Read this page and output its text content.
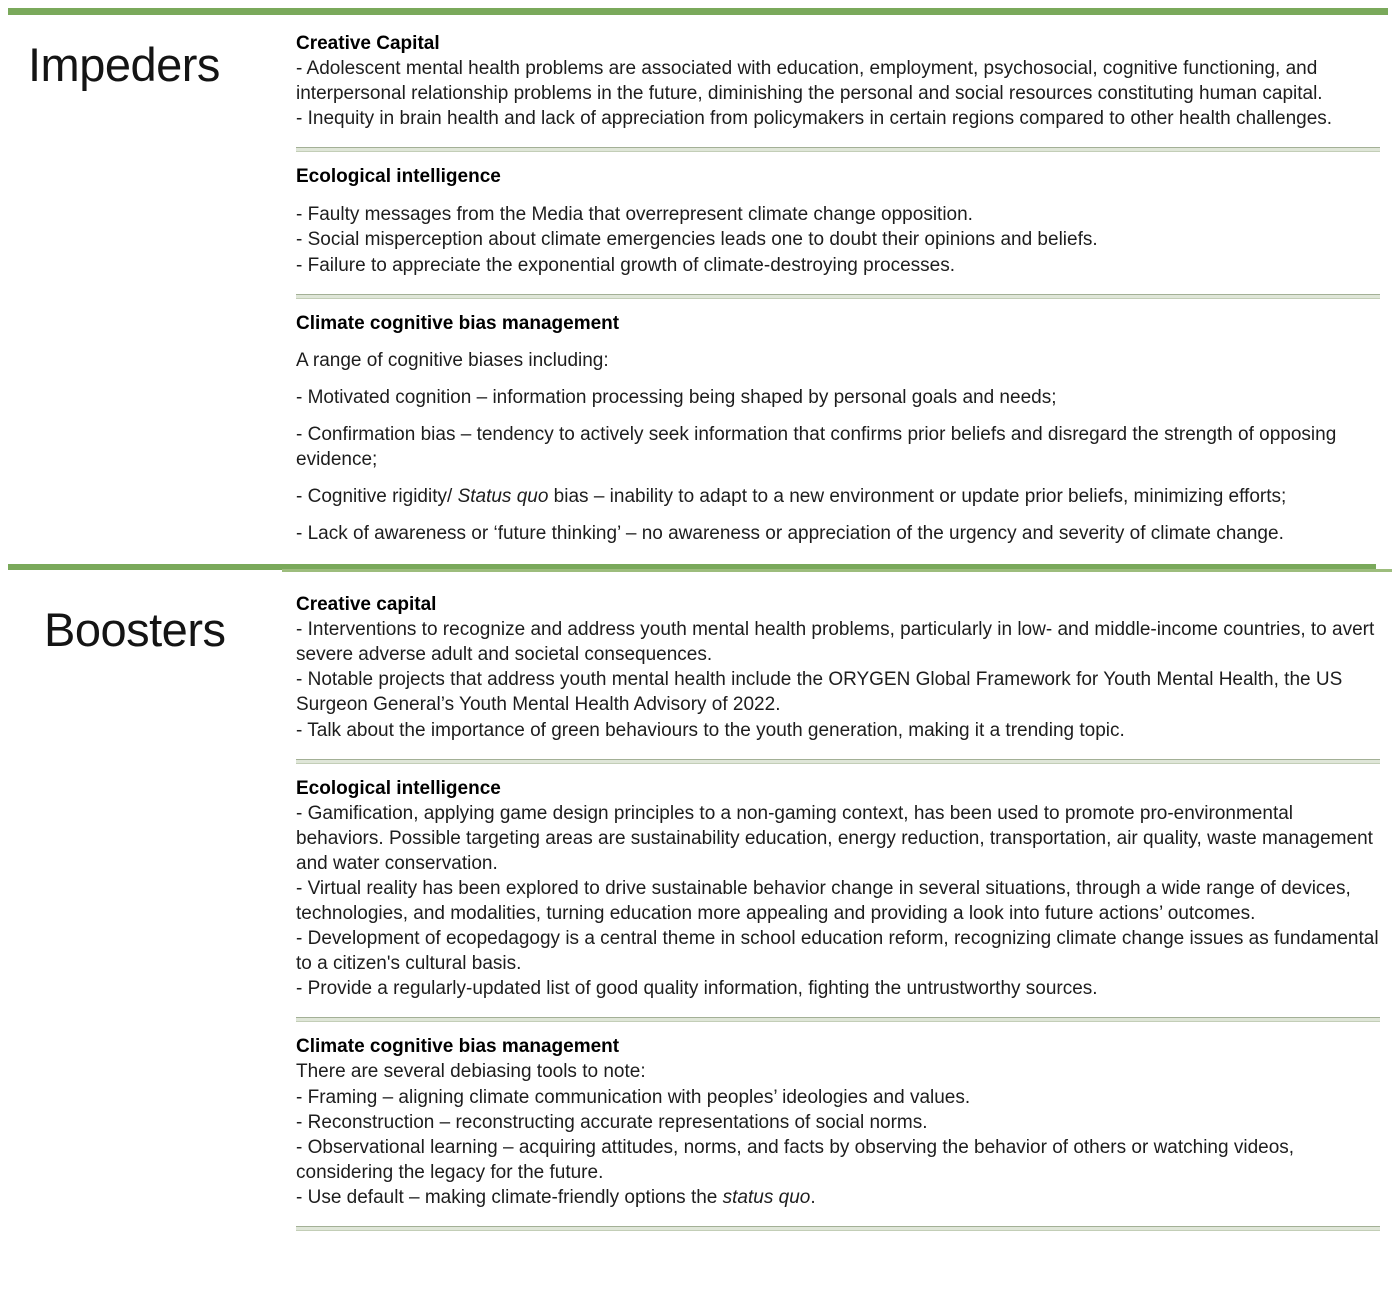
Impeders	Creative Capital

- Adolescent mental health problems are associated with education, employment, psychosocial, cognitive functioning, and interpersonal relationship problems in the future, diminishing the personal and social resources constituting human capital.

- Inequity in brain health and lack of appreciation from policymakers in certain regions compared to other health challenges.

Ecological intelligence

- Faulty messages from the Media that overrepresent climate change opposition.

- Social misperception about climate emergencies leads one to doubt their opinions and beliefs.

- Failure to appreciate the exponential growth of climate-destroying processes.

Climate cognitive bias management

A range of cognitive biases including:

- Motivated cognition – information processing being shaped by personal goals and needs;

- Confirmation bias – tendency to actively seek information that confirms prior beliefs and disregard the strength of opposing evidence;

- Cognitive rigidity/ Status quo bias – inability to adapt to a new environment or update prior beliefs, minimizing efforts;

- Lack of awareness or ‘future thinking’ – no awareness or appreciation of the urgency and severity of climate change.

Boosters	Creative capital

- Interventions to recognize and address youth mental health problems, particularly in low- and middle-income countries, to avert severe adverse adult and societal consequences.

- Notable projects that address youth mental health include the ORYGEN Global Framework for Youth Mental Health, the US Surgeon General’s Youth Mental Health Advisory of 2022.

- Talk about the importance of green behaviours to the youth generation, making it a trending topic.

Ecological intelligence

- Gamification, applying game design principles to a non-gaming context, has been used to promote pro-environmental behaviors. Possible targeting areas are sustainability education, energy reduction, transportation, air quality, waste management and water conservation.

- Virtual reality has been explored to drive sustainable behavior change in several situations, through a wide range of devices, technologies, and modalities, turning education more appealing and providing a look into future actions’ outcomes.

- Development of ecopedagogy is a central theme in school education reform, recognizing climate change issues as fundamental to a citizen's cultural basis.

- Provide a regularly-updated list of good quality information, fighting the untrustworthy sources.

Climate cognitive bias management

There are several debiasing tools to note:

- Framing – aligning climate communication with peoples’ ideologies and values.

- Reconstruction – reconstructing accurate representations of social norms.

- Observational learning – acquiring attitudes, norms, and facts by observing the behavior of others or watching videos, considering the legacy for the future.

- Use default – making climate-friendly options the status quo.
